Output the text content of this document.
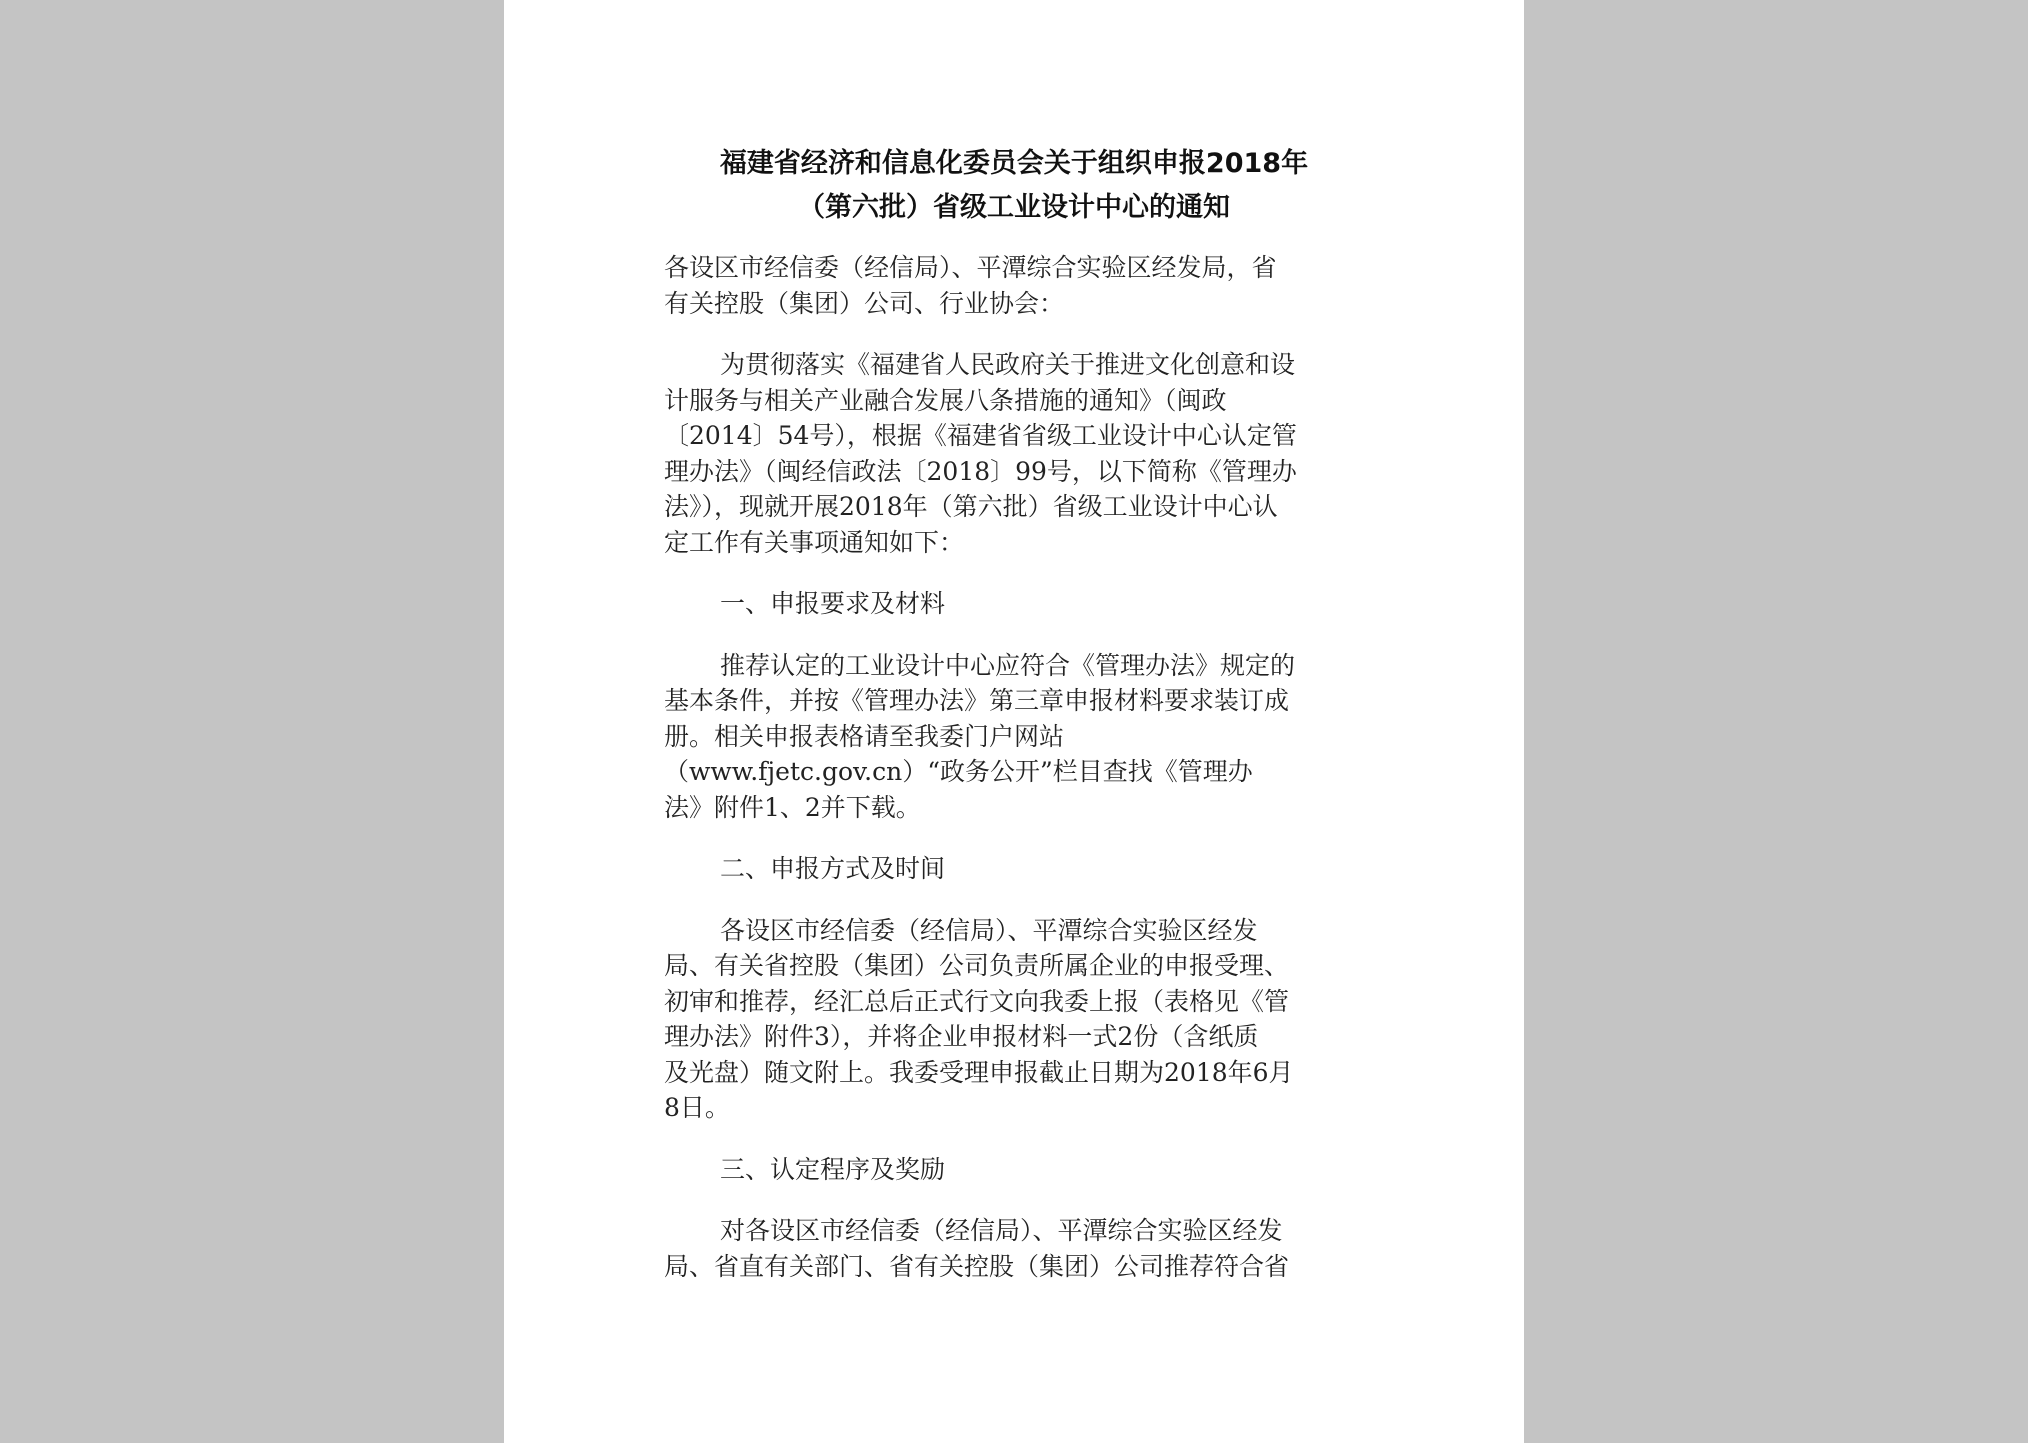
福建省经济和信息化委员会关于组织申报2018年
（第六批）省级工业设计中心的通知

各设区市经信委（经信局）、平潭综合实验区经发局，省
有关控股（集团）公司、行业协会：

为贯彻落实《福建省人民政府关于推进文化创意和设
计服务与相关产业融合发展八条措施的通知》（闽政
〔2014〕54号），根据《福建省省级工业设计中心认定管
理办法》（闽经信政法〔2018〕99号，以下简称《管理办
法》），现就开展2018年（第六批）省级工业设计中心认
定工作有关事项通知如下：

一、申报要求及材料

推荐认定的工业设计中心应符合《管理办法》规定的
基本条件，并按《管理办法》第三章申报材料要求装订成
册。相关申报表格请至我委门户网站
（www.fjetc.gov.cn）“政务公开”栏目查找《管理办
法》附件1、2并下载。

二、申报方式及时间

各设区市经信委（经信局）、平潭综合实验区经发
局、有关省控股（集团）公司负责所属企业的申报受理、
初审和推荐，经汇总后正式行文向我委上报（表格见《管
理办法》附件3），并将企业申报材料一式2份（含纸质
及光盘）随文附上。我委受理申报截止日期为2018年6月
8日。

三、认定程序及奖励

对各设区市经信委（经信局）、平潭综合实验区经发
局、省直有关部门、省有关控股（集团）公司推荐符合省
